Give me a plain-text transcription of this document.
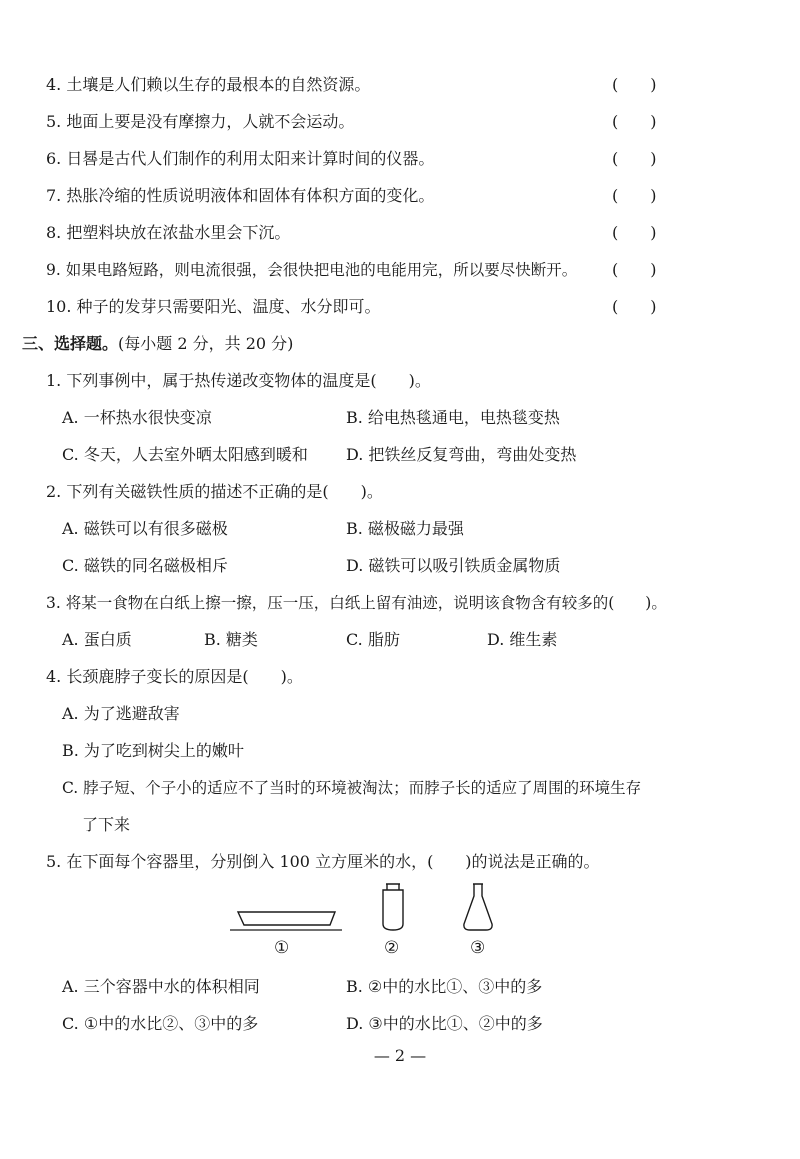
4. 土壤是人们赖以生存的最根本的自然资源。	(　　)
5. 地面上要是没有摩擦力，人就不会运动。	(　　)
6. 日晷是古代人们制作的利用太阳来计算时间的仪器。	(　　)
7. 热胀冷缩的性质说明液体和固体有体积方面的变化。	(　　)
8. 把塑料块放在浓盐水里会下沉。	(　　)
9. 如果电路短路，则电流很强，会很快把电池的电能用完，所以要尽快断开。 (　　)
10. 种子的发芽只需要阳光、温度、水分即可。	(　　)
三、选择题。(每小题 2 分，共 20 分)
1. 下列事例中，属于热传递改变物体的温度是(　　)。
A. 一杯热水很快变凉	B. 给电热毯通电，电热毯变热
C. 冬天，人去室外晒太阳感到暖和 D. 把铁丝反复弯曲，弯曲处变热
2. 下列有关磁铁性质的描述不正确的是(　　)。
A. 磁铁可以有很多磁极	B. 磁极磁力最强
C. 磁铁的同名磁极相斥	D. 磁铁可以吸引铁质金属物质
3. 将某一食物在白纸上擦一擦，压一压，白纸上留有油迹，说明该食物含有较多的(　　)。
A. 蛋白质	B. 糖类	C. 脂肪	D. 维生素
4. 长颈鹿脖子变长的原因是(　　)。
A. 为了逃避敌害
B. 为了吃到树尖上的嫩叶
C. 脖子短、个子小的适应不了当时的环境被淘汰；而脖子长的适应了周围的环境生存
了下来
5. 在下面每个容器里，分别倒入 100 立方厘米的水，(　　)的说法是正确的。
①	②	③
A. 三个容器中水的体积相同	B. ②中的水比①、③中的多
C. ①中的水比②、③中的多	D. ③中的水比①、②中的多
— 2 —
